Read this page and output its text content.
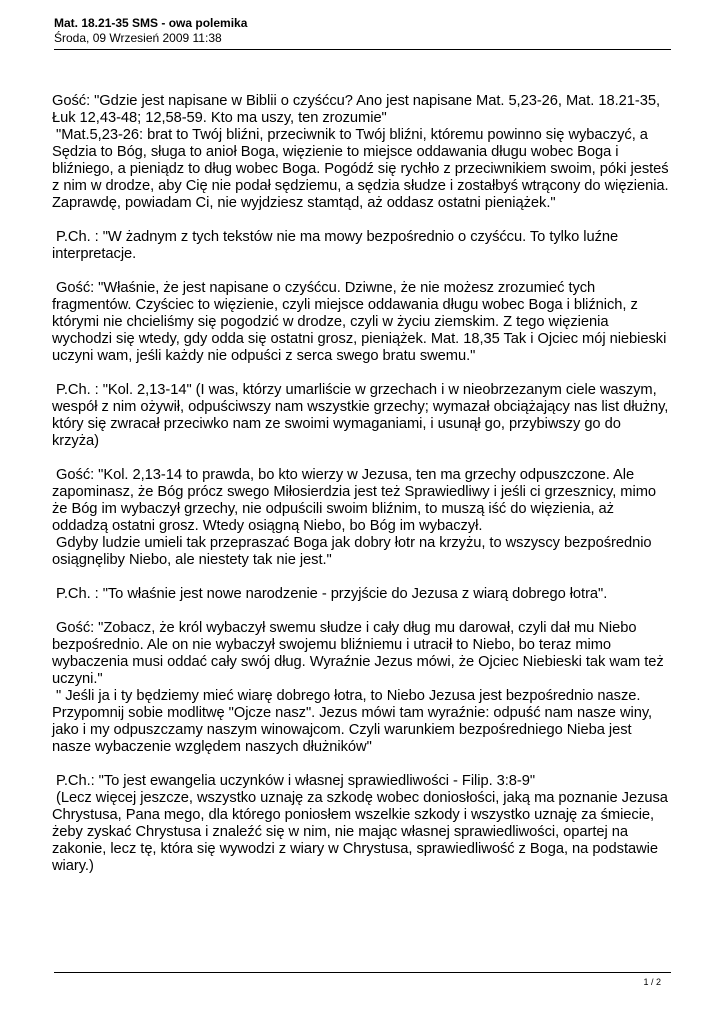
Mat. 18.21-35 SMS - owa polemika

Środa, 09 Wrzesień 2009 11:38

Gość: "Gdzie jest napisane w Biblii o czyśćcu? Ano jest napisane Mat. 5,23-26, Mat. 18.21-35,
Łuk 12,43-48; 12,58-59. Kto ma uszy, ten zrozumie"
"Mat.5,23-26: brat to Twój bliźni, przeciwnik to Twój bliźni, któremu powinno się wybaczyć, a
Sędzia to Bóg, sługa to anioł Boga, więzienie to miejsce oddawania długu wobec Boga i
bliźniego, a pieniądz to dług wobec Boga. Pogódź się rychło z przeciwnikiem swoim, póki jesteś
z nim w drodze, aby Cię nie podał sędziemu, a sędzia słudze i zostałbyś wtrącony do więzienia.
Zaprawdę, powiadam Ci, nie wyjdziesz stamtąd, aż oddasz ostatni pieniążek."
P.Ch. : "W żadnym z tych tekstów nie ma mowy bezpośrednio o czyśćcu. To tylko luźne
interpretacje.
Gość: "Właśnie, że jest napisane o czyśćcu. Dziwne, że nie możesz zrozumieć tych
fragmentów. Czyściec to więzienie, czyli miejsce oddawania długu wobec Boga i bliźnich, z
którymi nie chcieliśmy się pogodzić w drodze, czyli w życiu ziemskim. Z tego więzienia
wychodzi się wtedy, gdy odda się ostatni grosz, pieniążek. Mat. 18,35 Tak i Ojciec mój niebieski
uczyni wam, jeśli każdy nie odpuści z serca swego bratu swemu."
P.Ch. : "Kol. 2,13-14" (I was, którzy umarliście w grzechach i w nieobrzezanym ciele waszym,
wespół z nim ożywił, odpuściwszy nam wszystkie grzechy; wymazał obciążający nas list dłużny,
który się zwracał przeciwko nam ze swoimi wymaganiami, i usunął go, przybiwszy go do
krzyża)
Gość: "Kol. 2,13-14 to prawda, bo kto wierzy w Jezusa, ten ma grzechy odpuszczone. Ale
zapominasz, że Bóg prócz swego Miłosierdzia jest też Sprawiedliwy i jeśli ci grzesznicy, mimo
że Bóg im wybaczył grzechy, nie odpuścili swoim bliźnim, to muszą iść do więzienia, aż
oddadzą ostatni grosz. Wtedy osiągną Niebo, bo Bóg im wybaczył.
Gdyby ludzie umieli tak przepraszać Boga jak dobry łotr na krzyżu, to wszyscy bezpośrednio
osiągnęliby Niebo, ale niestety tak nie jest."
P.Ch. : "To właśnie jest nowe narodzenie - przyjście do Jezusa z wiarą dobrego łotra".
Gość: "Zobacz, że król wybaczył swemu słudze i cały dług mu darował, czyli dał mu Niebo
bezpośrednio. Ale on nie wybaczył swojemu bliźniemu i utracił to Niebo, bo teraz mimo
wybaczenia musi oddać cały swój dług. Wyraźnie Jezus mówi, że Ojciec Niebieski tak wam też
uczyni."
" Jeśli ja i ty będziemy mieć wiarę dobrego łotra, to Niebo Jezusa jest bezpośrednio nasze.
Przypomnij sobie modlitwę "Ojcze nasz". Jezus mówi tam wyraźnie: odpuść nam nasze winy,
jako i my odpuszczamy naszym winowajcom. Czyli warunkiem bezpośredniego Nieba jest
nasze wybaczenie względem naszych dłużników"
P.Ch.: "To jest ewangelia uczynków i własnej sprawiedliwości - Filip. 3:8-9"
(Lecz więcej jeszcze, wszystko uznaję za szkodę wobec doniosłości, jaką ma poznanie Jezusa
Chrystusa, Pana mego, dla którego poniosłem wszelkie szkody i wszystko uznaję za śmiecie,
żeby zyskać Chrystusa i znaleźć się w nim, nie mając własnej sprawiedliwości, opartej na
zakonie, lecz tę, która się wywodzi z wiary w Chrystusa, sprawiedliwość z Boga, na podstawie
wiary.)
1 / 2
